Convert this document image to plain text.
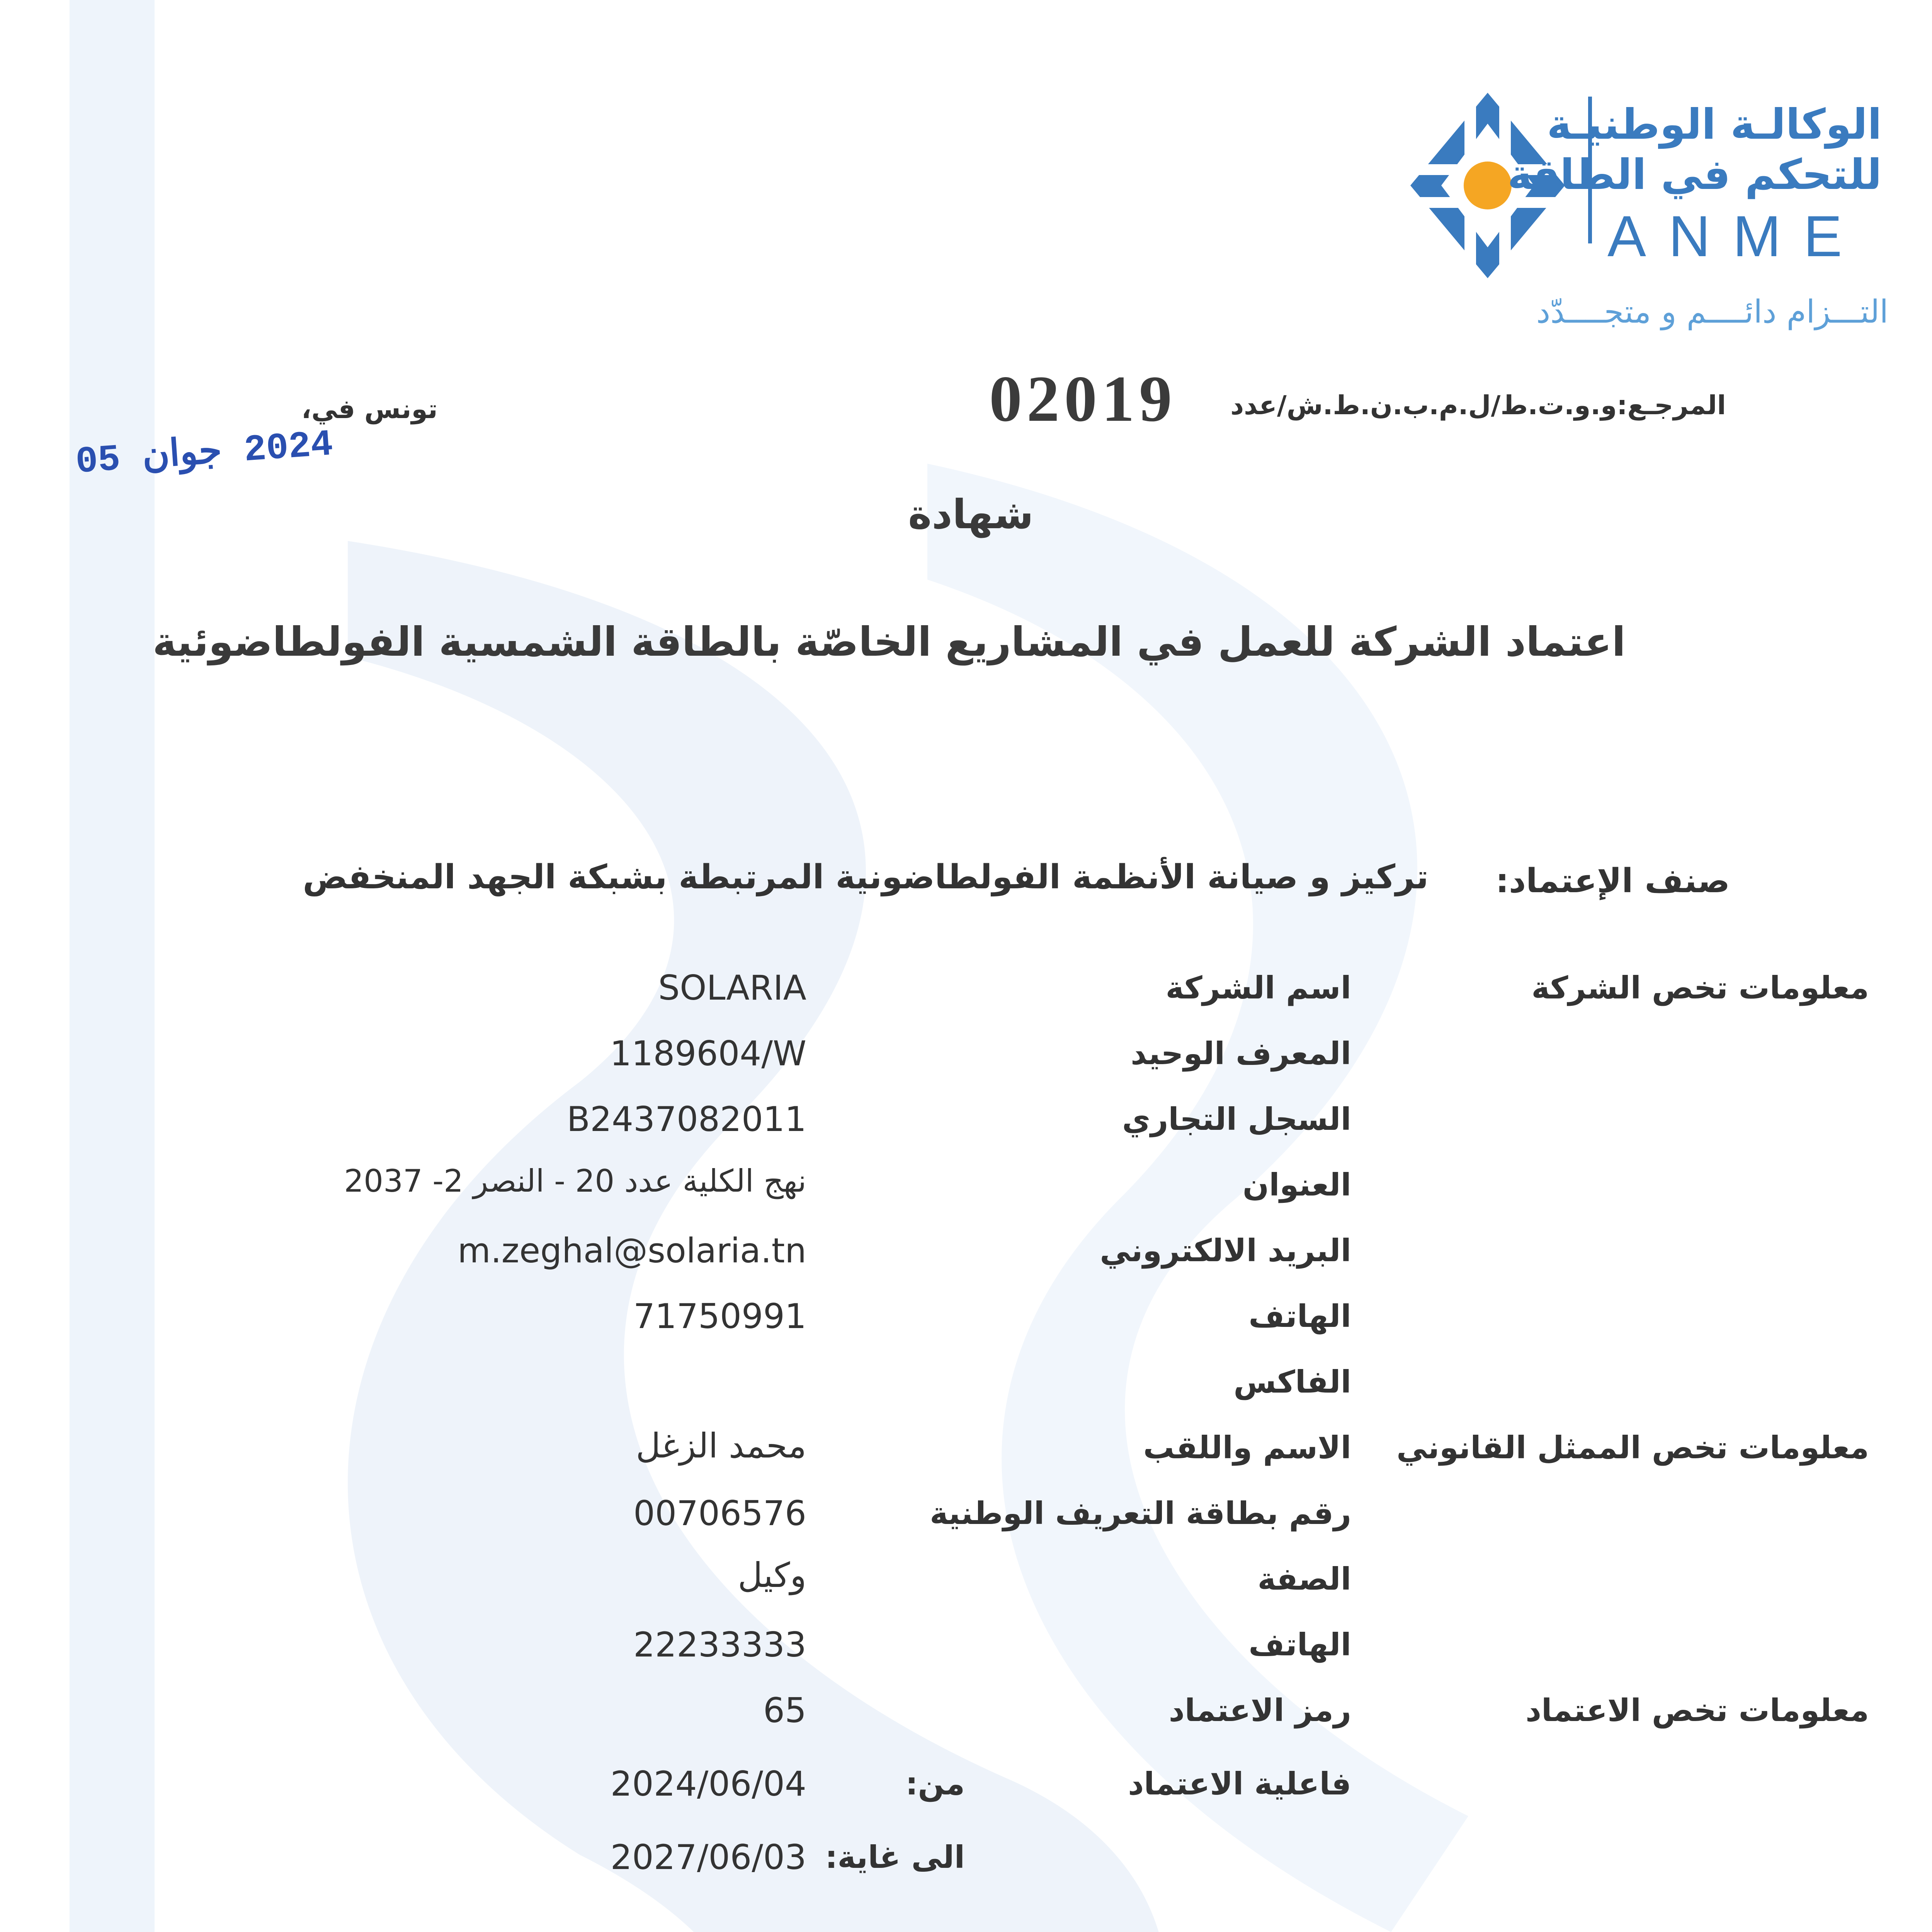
الوكالـة الوطنيـة
للتحكم في الطاقة
ANME
التـــزام دائــــم و متجــــدّد
المرجـع:و.و.ت.ط/ل.م.ب.ن.ط.ش/عدد
02019
تونس في،
2024 جوان 05
شهادة
اعتماد الشركة للعمل في المشاريع الخاصّة بالطاقة الشمسية الفولطاضوئية
صنف الإعتماد:
تركيز و صيانة الأنظمة الفولطاضونية المرتبطة بشبكة الجهد المنخفض
معلومات تخص الشركة
اسم الشركة
SOLARIA
المعرف الوحيد
1189604/W
السجل التجاري
B2437082011
العنوان
نهج الكلية عدد 20 - النصر 2- 2037
البريد الالكتروني
m.zeghal@solaria.tn
الهاتف
71750991
الفاكس
معلومات تخص الممثل القانوني
الاسم واللقب
محمد الزغل
رقم بطاقة التعريف الوطنية
00706576
الصفة
وكيل
الهاتف
22233333
معلومات تخص الاعتماد
رمز الاعتماد
65
فاعلية الاعتماد
من:
2024/06/04
الى غاية:
2027/06/03
